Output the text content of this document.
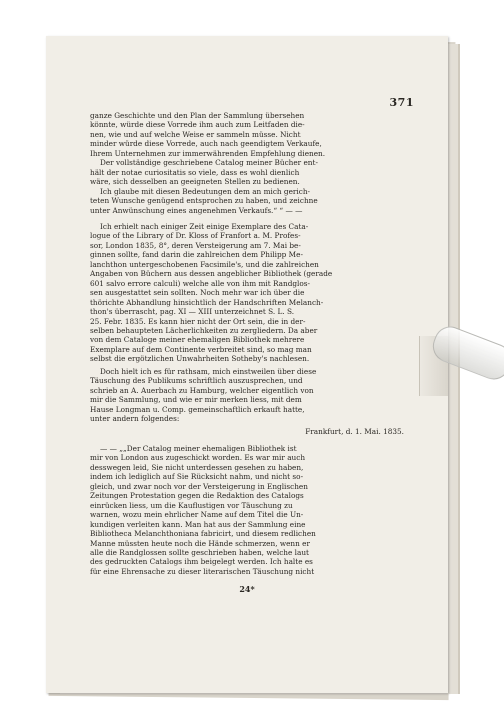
371
ganze Geschichte und den Plan der Sammlung übersehen
könnte, würde diese Vorrede ihm auch zum Leitfaden die-
nen, wie und auf welche Weise er sammeln müsse. Nicht
minder würde diese Vorrede, auch nach geendigtem Verkaufe,
Ihrem Unternehmen zur immerwährenden Empfehlung dienen.
Der vollständige geschriebene Catalog meiner Bücher ent-
hält der notae curiositatis so viele, dass es wohl dienlich
wäre, sich desselben an geeigneten Stellen zu bedienen.
Ich glaube mit diesen Bedeutungen dem an mich gerich-
teten Wunsche genügend entsprochen zu haben, und zeichne
unter Anwünschung eines angenehmen Verkaufs.“ “ — —
Ich erhielt nach einiger Zeit einige Exemplare des Cata-
logue of the Library of Dr. Kloss of Franfort a. M. Profes-
sor, London 1835, 8°, deren Versteigerung am 7. Mai be-
ginnen sollte, fand darin die zahlreichen dem Philipp Me-
lanchthon untergeschobenen Facsimile's, und die zahlreichen
Angaben von Büchern aus dessen angeblicher Bibliothek (gerade
601 salvo errore calculi) welche alle von ihm mit Randglos-
sen ausgestattet sein sollten. Noch mehr war ich über die
thörichte Abhandlung hinsichtlich der Handschriften Melanch-
thon's überrascht, pag. XI — XIII unterzeichnet S. L. S.
25. Febr. 1835. Es kann hier nicht der Ort sein, die in der-
selben behaupteten Lächerlichkeiten zu zergliedern. Da aber
von dem Cataloge meiner ehemaligen Bibliothek mehrere
Exemplare auf dem Continente verbreitet sind, so mag man
selbst die ergötzlichen Unwahrheiten Sotheby's nachlesen.
Doch hielt ich es für rathsam, mich einstweilen über diese
Täuschung des Publikums schriftlich auszusprechen, und
schrieb an A. Auerbach zu Hamburg, welcher eigentlich von
mir die Sammlung, und wie er mir merken liess, mit dem
Hause Longman u. Comp. gemeinschaftlich erkauft hatte,
unter andern folgendes:
Frankfurt, d. 1. Mai. 1835.
— — „„Der Catalog meiner ehemaligen Bibliothek ist
mir von London aus zugeschickt worden. Es war mir auch
desswegen leid, Sie nicht unterdessen gesehen zu haben,
indem ich lediglich auf Sie Rücksicht nahm, und nicht so-
gleich, und zwar noch vor der Versteigerung in Englischen
Zeitungen Protestation gegen die Redaktion des Catalogs
einrücken liess, um die Kauflustigen vor Täuschung zu
warnen, wozu mein ehrlicher Name auf dem Titel die Un-
kundigen verleiten kann. Man hat aus der Sammlung eine
Bibliotheca Melanchthoniana fabricirt, und diesem redlichen
Manne müssten heute noch die Hände schmerzen, wenn er
alle die Randglossen sollte geschrieben haben, welche laut
des gedruckten Catalogs ihm beigelegt werden. Ich halte es
für eine Ehrensache zu dieser literarischen Täuschung nicht
24*
